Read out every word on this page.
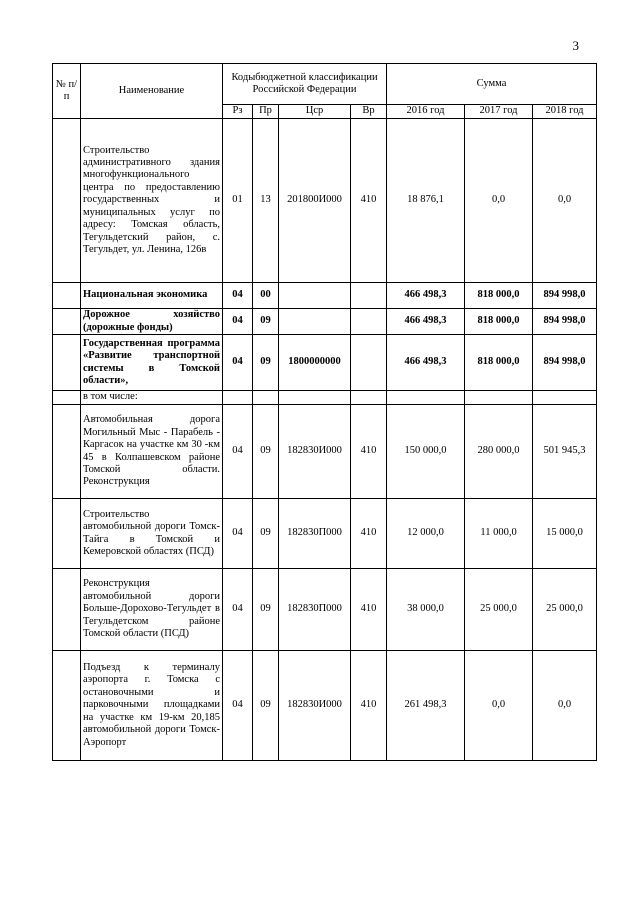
3
№ п/п	Наименование	Кодыбюджетной классификации Российской Федерации				Сумма		
		Рз	Пр	Цср	Вр	2016 год	2017 год	2018 год
	Строительство административного здания многофункционального центра по предоставлению государственных и муниципальных услуг по адресу: Томская область, Тегульдетский район, с. Тегульдет, ул. Ленина, 126в	01	13	201800И000	410	18 876,1	0,0	0,0
	Национальная экономика	04	00			466 498,3	818 000,0	894 998,0
	Дорожное хозяйство (дорожные фонды)	04	09			466 498,3	818 000,0	894 998,0
	Государственная программа «Развитие транспортной системы в Томской области»,	04	09	1800000000		466 498,3	818 000,0	894 998,0
	в том числе:							
	Автомобильная дорога Могильный Мыс - Парабель - Каргасок на участке км 30 -км 45 в Колпашевском районе Томской области. Реконструкция	04	09	182830И000	410	150 000,0	280 000,0	501 945,3
	Строительство автомобильной дороги Томск-Тайга в Томской и Кемеровской областях (ПСД)	04	09	182830П000	410	12 000,0	11 000,0	15 000,0
	Реконструкция автомобильной дороги Больше-Дорохово-Тегульдет в Тегульдетском районе Томской области (ПСД)	04	09	182830П000	410	38 000,0	25 000,0	25 000,0
	Подъезд к терминалу аэропорта г. Томска с остановочными и парковочными площадками на участке км 19-км 20,185 автомобильной дороги Томск-Аэропорт	04	09	182830И000	410	261 498,3	0,0	0,0
